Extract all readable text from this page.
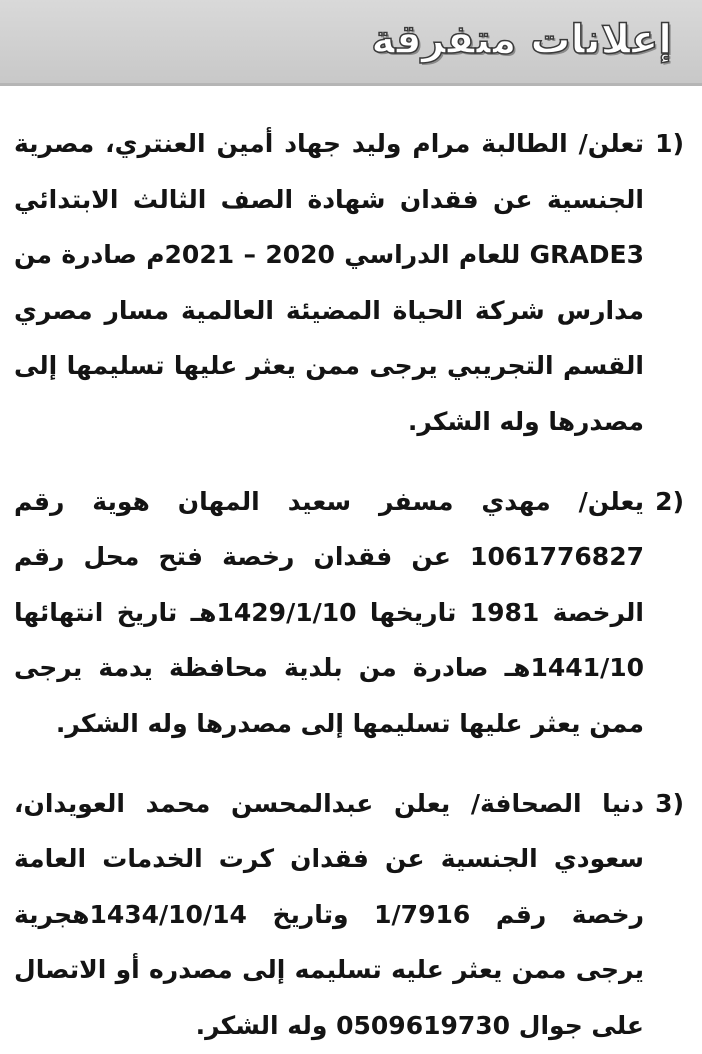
إعلانات متفرقة
1)
تعلن/ الطالبة مرام وليد جهاد أمين العنتري، مصرية الجنسية عن فقدان شهادة الصف الثالث الابتدائي GRADE3 للعام الدراسي 2020 – 2021م صادرة من مدارس شركة الحياة المضيئة العالمية مسار مصري القسم التجريبي يرجى ممن يعثر عليها تسليمها إلى مصدرها وله الشكر.
2)
يعلن/ مهدي مسفر سعيد المهان هوية رقم 1061776827 عن فقدان رخصة فتح محل رقم الرخصة 1981 تاريخها 1429/1/10هـ تاريخ انتهائها 1441/10هـ صادرة من بلدية محافظة يدمة يرجى ممن يعثر عليها تسليمها إلى مصدرها وله الشكر.
3)
دنيا الصحافة/ يعلن عبدالمحسن محمد العويدان، سعودي الجنسية عن فقدان كرت الخدمات العامة رخصة رقم 1/7916 وتاريخ 1434/10/14هجرية يرجى ممن يعثر عليه تسليمه إلى مصدره أو الاتصال على جوال 0509619730 وله الشكر.
